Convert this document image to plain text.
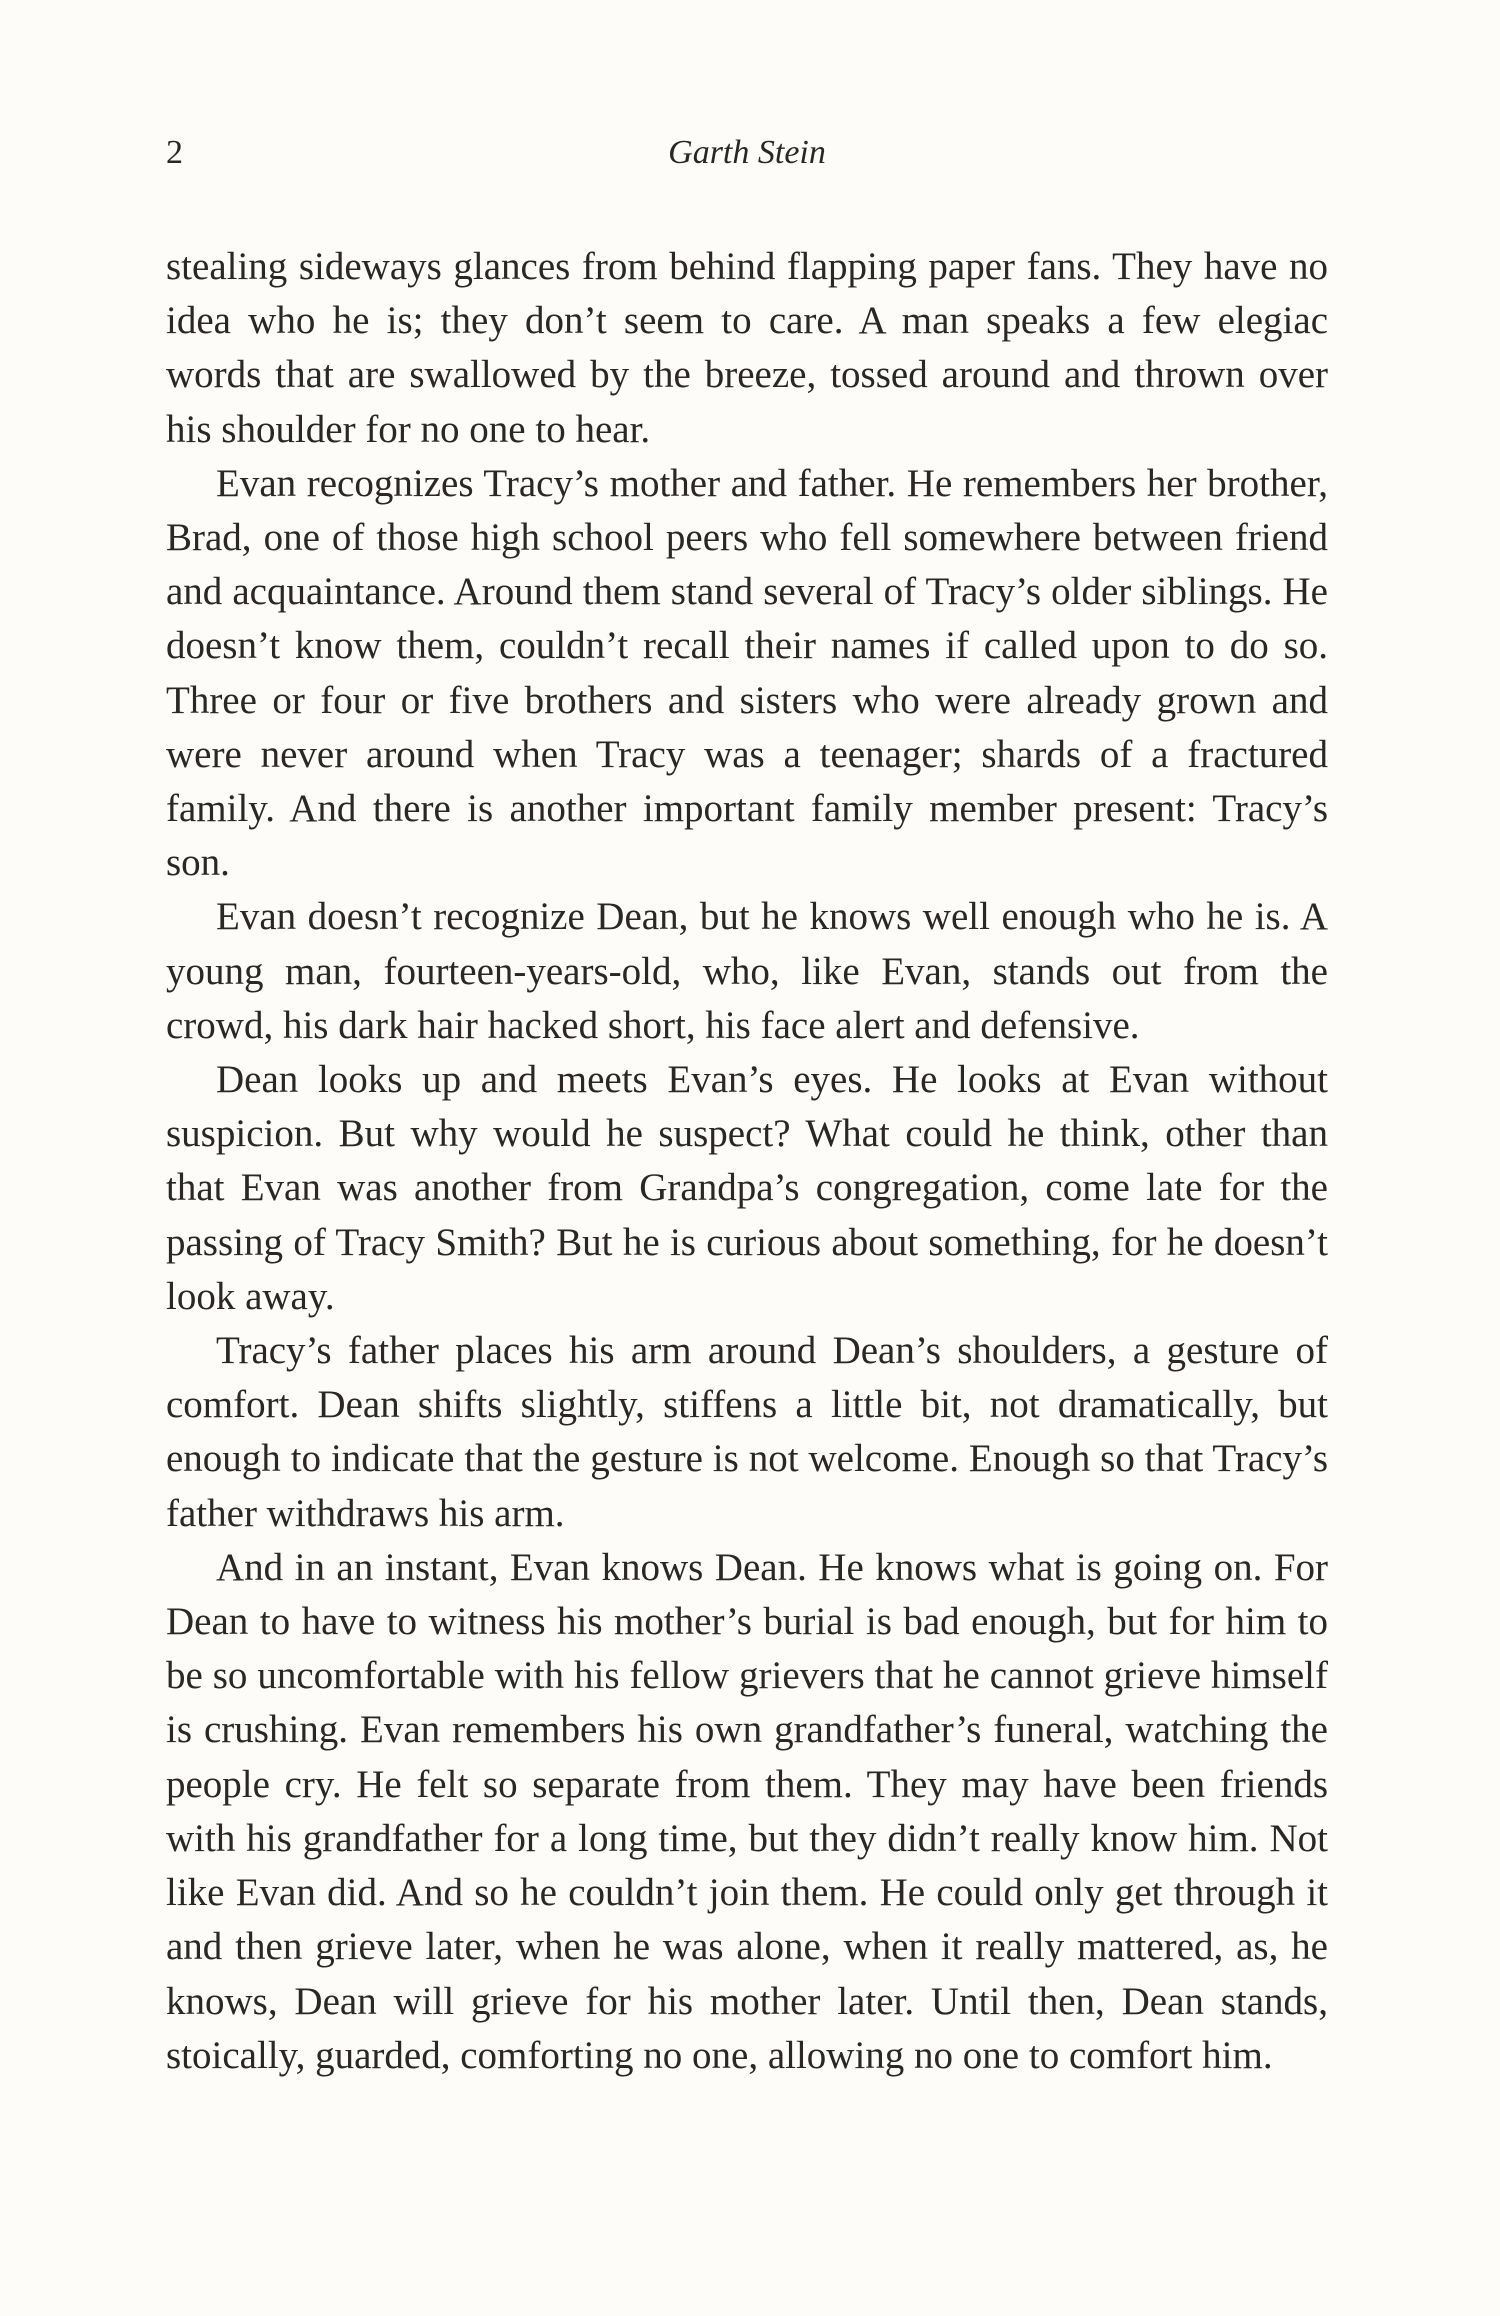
2	Garth Stein

stealing sideways glances from behind flapping paper fans. They have no idea who he is; they don’t seem to care. A man speaks a few elegiac words that are swallowed by the breeze, tossed around and thrown over his shoulder for no one to hear.

Evan recognizes Tracy’s mother and father. He remembers her brother, Brad, one of those high school peers who fell somewhere between friend and acquaintance. Around them stand several of Tracy’s older siblings. He doesn’t know them, couldn’t recall their names if called upon to do so. Three or four or five brothers and sisters who were already grown and were never around when Tracy was a teenager; shards of a fractured family. And there is another important family member present: Tracy’s son.

Evan doesn’t recognize Dean, but he knows well enough who he is. A young man, fourteen-years-old, who, like Evan, stands out from the crowd, his dark hair hacked short, his face alert and defensive.

Dean looks up and meets Evan’s eyes. He looks at Evan without suspicion. But why would he suspect? What could he think, other than that Evan was another from Grandpa’s congregation, come late for the passing of Tracy Smith? But he is curious about something, for he doesn’t look away.

Tracy’s father places his arm around Dean’s shoulders, a gesture of comfort. Dean shifts slightly, stiffens a little bit, not dramatically, but enough to indicate that the gesture is not welcome. Enough so that Tracy’s father withdraws his arm.

And in an instant, Evan knows Dean. He knows what is going on. For Dean to have to witness his mother’s burial is bad enough, but for him to be so uncomfortable with his fellow grievers that he cannot grieve himself is crushing. Evan remembers his own grandfather’s funeral, watching the people cry. He felt so separate from them. They may have been friends with his grandfather for a long time, but they didn’t really know him. Not like Evan did. And so he couldn’t join them. He could only get through it and then grieve later, when he was alone, when it really mattered, as, he knows, Dean will grieve for his mother later. Until then, Dean stands, stoically, guarded, comforting no one, allowing no one to comfort him.
